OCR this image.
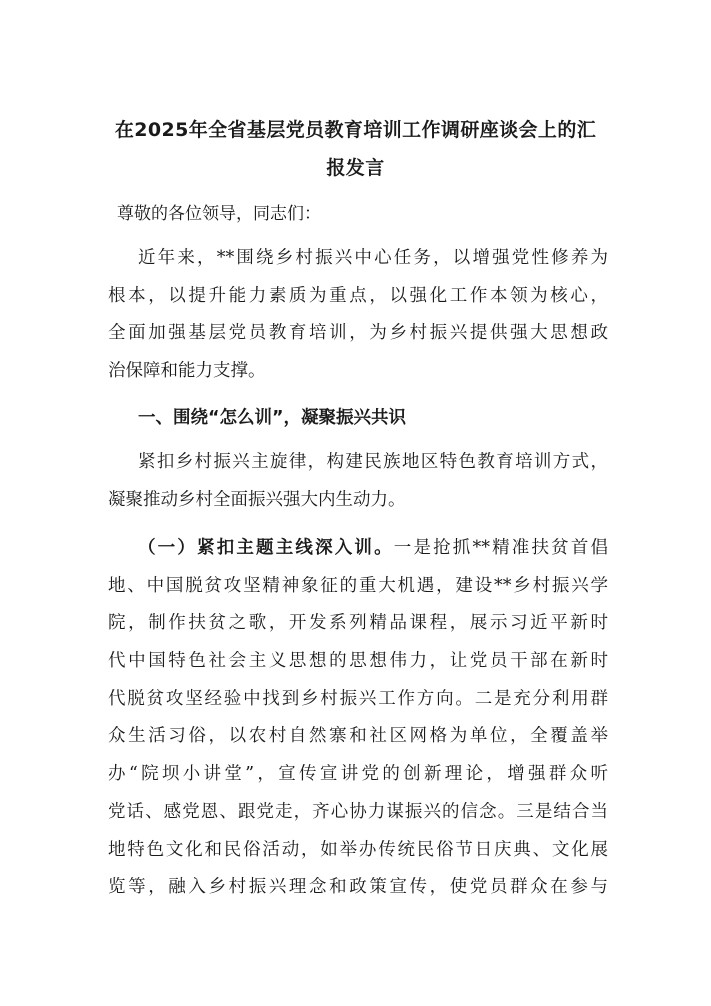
在2025年全省基层党员教育培训工作调研座谈会上的汇
报发言

尊敬的各位领导，同志们：

近年来，**围绕乡村振兴中心任务，以增强党性修养为
根本，以提升能力素质为重点，以强化工作本领为核心，
全面加强基层党员教育培训，为乡村振兴提供强大思想政
治保障和能力支撑。
一、围绕“怎么训”，凝聚振兴共识
紧扣乡村振兴主旋律，构建民族地区特色教育培训方式，
凝聚推动乡村全面振兴强大内生动力。
（一）紧扣主题主线深入训。一是抢抓**精准扶贫首倡
地、中国脱贫攻坚精神象征的重大机遇，建设**乡村振兴学
院，制作扶贫之歌，开发系列精品课程，展示习近平新时
代中国特色社会主义思想的思想伟力，让党员干部在新时
代脱贫攻坚经验中找到乡村振兴工作方向。二是充分利用群
众生活习俗，以农村自然寨和社区网格为单位，全覆盖举
办“院坝小讲堂”，宣传宣讲党的创新理论，增强群众听
党话、感党恩、跟党走，齐心协力谋振兴的信念。三是结合当
地特色文化和民俗活动，如举办传统民俗节日庆典、文化展
览等，融入乡村振兴理念和政策宣传，使党员群众在参与
